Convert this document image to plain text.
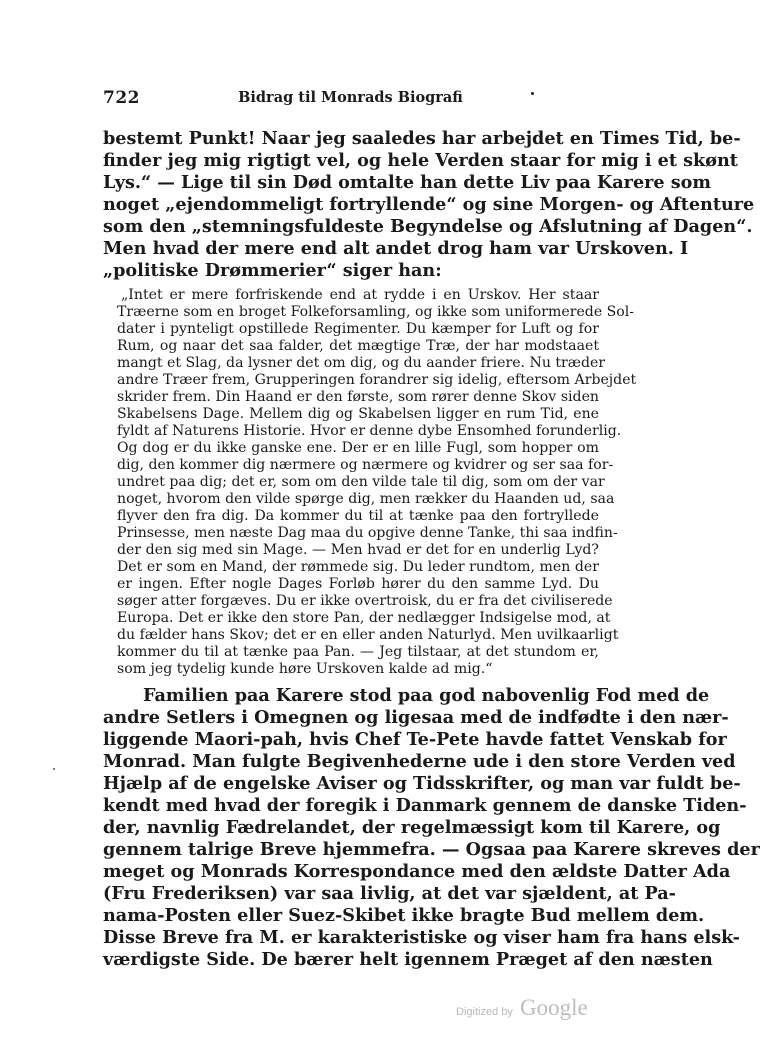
722	Bidrag til Monrads Biografi
bestemt Punkt! Naar jeg saaledes har arbejdet en Times Tid, be-
finder jeg mig rigtigt vel, og hele Verden staar for mig i et skønt
Lys.“ — Lige til sin Død omtalte han dette Liv paa Karere som
noget „ejendommeligt fortryllende“ og sine Morgen- og Aftenture
som den „stemningsfuldeste Begyndelse og Afslutning af Dagen“.
Men hvad der mere end alt andet drog ham var Urskoven. I
„politiske Drømmerier“ siger han:
„Intet er mere forfriskende end at rydde i en Urskov. Her staar
Træerne som en broget Folkeforsamling, og ikke som uniformerede Sol-
dater i pynteligt opstillede Regimenter. Du kæmper for Luft og for
Rum, og naar det saa falder, det mægtige Træ, der har modstaaet
mangt et Slag, da lysner det om dig, og du aander friere. Nu træder
andre Træer frem, Grupperingen forandrer sig idelig, eftersom Arbejdet
skrider frem. Din Haand er den første, som rører denne Skov siden
Skabelsens Dage. Mellem dig og Skabelsen ligger en rum Tid, ene
fyldt af Naturens Historie. Hvor er denne dybe Ensomhed forunderlig.
Og dog er du ikke ganske ene. Der er en lille Fugl, som hopper om
dig, den kommer dig nærmere og nærmere og kvidrer og ser saa for-
undret paa dig; det er, som om den vilde tale til dig, som om der var
noget, hvorom den vilde spørge dig, men rækker du Haanden ud, saa
flyver den fra dig. Da kommer du til at tænke paa den fortryllede
Prinsesse, men næste Dag maa du opgive denne Tanke, thi saa indfin-
der den sig med sin Mage. — Men hvad er det for en underlig Lyd?
Det er som en Mand, der rømmede sig. Du leder rundtom, men der
er ingen. Efter nogle Dages Forløb hører du den samme Lyd. Du
søger atter forgæves. Du er ikke overtroisk, du er fra det civiliserede
Europa. Det er ikke den store Pan, der nedlægger Indsigelse mod, at
du fælder hans Skov; det er en eller anden Naturlyd. Men uvilkaarligt
kommer du til at tænke paa Pan. — Jeg tilstaar, at det stundom er,
som jeg tydelig kunde høre Urskoven kalde ad mig.“
Familien paa Karere stod paa god nabovenlig Fod med de
andre Setlers i Omegnen og ligesaa med de indfødte i den nær-
liggende Maori-pah, hvis Chef Te-Pete havde fattet Venskab for
Monrad. Man fulgte Begivenhederne ude i den store Verden ved
Hjælp af de engelske Aviser og Tidsskrifter, og man var fuldt be-
kendt med hvad der foregik i Danmark gennem de danske Tiden-
der, navnlig Fædrelandet, der regelmæssigt kom til Karere, og
gennem talrige Breve hjemmefra. — Ogsaa paa Karere skreves der
meget og Monrads Korrespondance med den ældste Datter Ada
(Fru Frederiksen) var saa livlig, at det var sjældent, at Pa-
nama-Posten eller Suez-Skibet ikke bragte Bud mellem dem.
Disse Breve fra M. er karakteristiske og viser ham fra hans elsk-
værdigste Side. De bærer helt igennem Præget af den næsten
Digitized by Google
